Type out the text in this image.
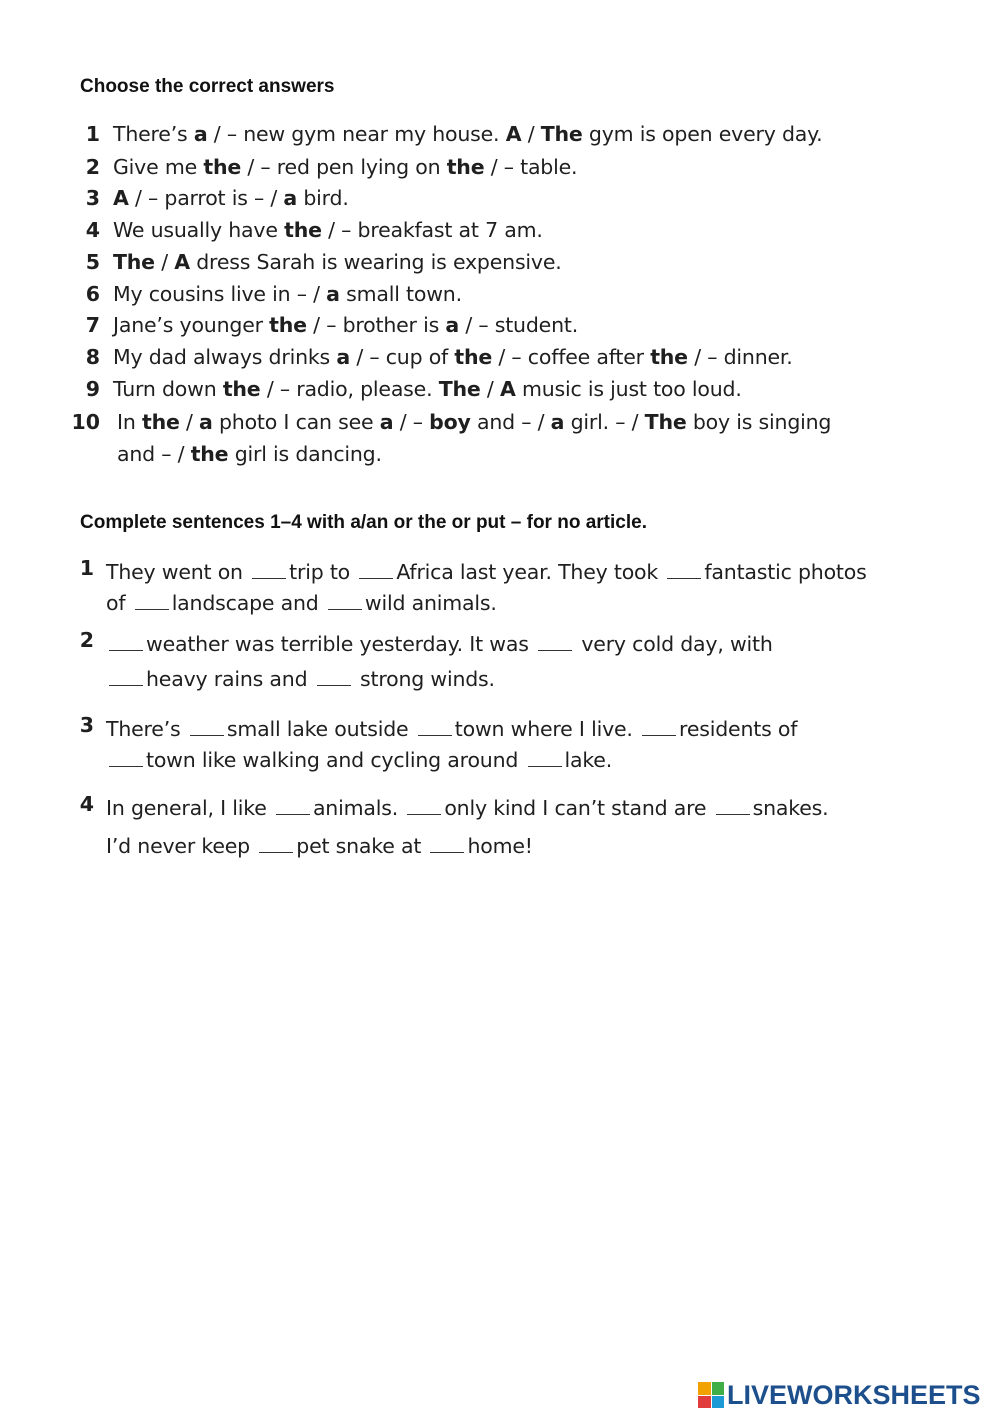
Choose the correct answers
1 There’s a / – new gym near my house. A / The gym is open every day.
2 Give me the / – red pen lying on the / – table.
3 A / – parrot is – / a bird.
4 We usually have the / – breakfast at 7 am.
5 The / A dress Sarah is wearing is expensive.
6 My cousins live in – / a small town.
7 Jane’s younger the / – brother is a / – student.
8 My dad always drinks a / – cup of the / – coffee after the / – dinner.
9 Turn down the / – radio, please. The / A music is just too loud.
10 In the / a photo I can see a / – boy and – / a girl. – / The boy is singing
and – / the girl is dancing.
Complete sentences 1–4 with a/an or the or put – for no article.
1 They went on trip to Africa last year. They took fantastic photos
of landscape and wild animals.
2	weather was terrible yesterday. It was  very cold day, with
heavy rains and  strong winds.
3 There’s small lake outside town where I live. residents of
town like walking and cycling around lake.
4 In general, I like animals. only kind I can’t stand are snakes.
I’d never keep pet snake at home!
LIVEWORKSHEETS
